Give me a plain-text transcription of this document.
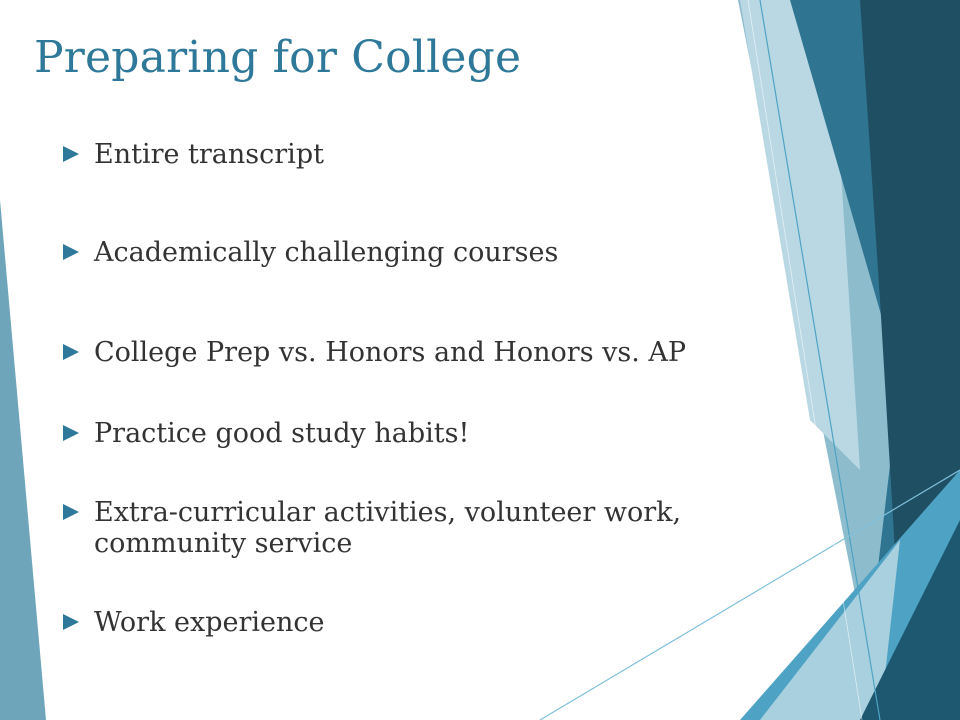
Preparing for College
Entire transcript
Academically challenging courses
College Prep vs. Honors and Honors vs. AP
Practice good study habits!
Extra-curricular activities, volunteer work, community service
Work experience
